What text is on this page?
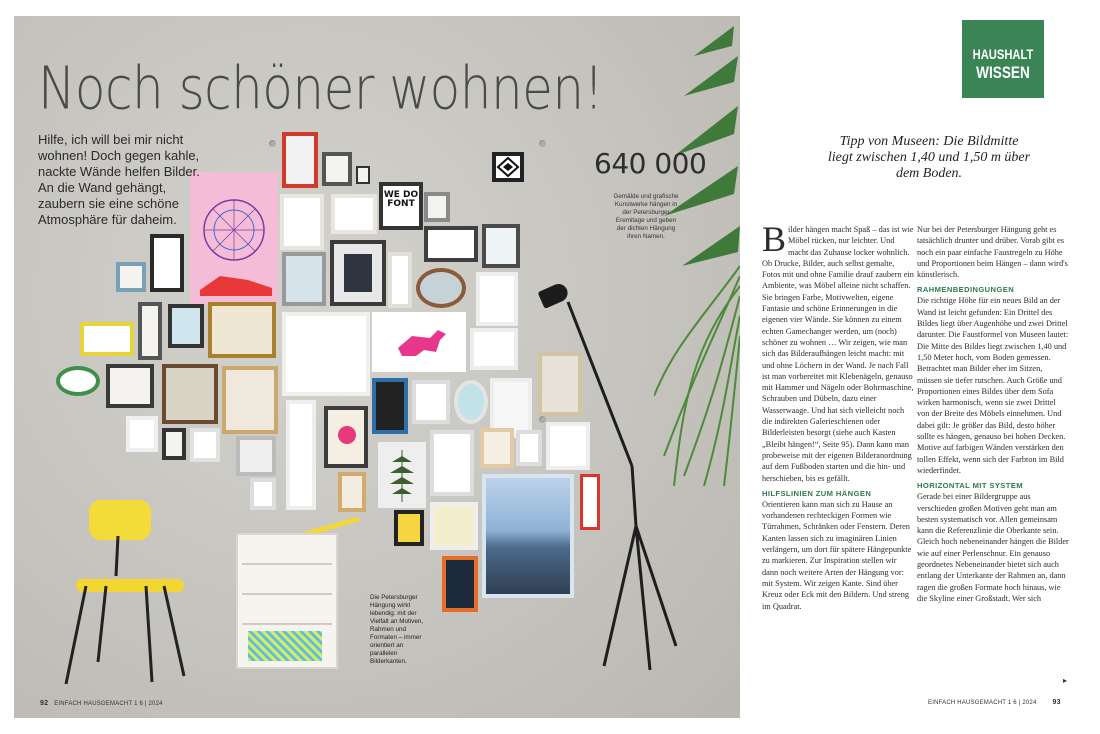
WE DO FONT
Noch schöner wohnen!
Hilfe, ich will bei mir nicht wohnen! Doch gegen kahle, nackte Wände helfen Bilder. An die Wand gehängt, zaubern sie eine schöne Atmosphäre für daheim.
640 000
Gemälde und grafische Kunstwerke hängen in der Petersburger Eremitage und geben der dichten Hängung ihren Namen.
Die Petersburger Hängung wirkt lebendig: mit der Vielfalt an Motiven, Rahmen und Formaten – immer orientiert an parallelen Bilderkanten.
92 EINFACH HAUSGEMACHT 1 6 | 2024
HAUSHALT
WISSEN
Tipp von Museen: Die Bildmitte liegt zwischen 1,40 und 1,50 m über dem Boden.

Bilder hängen macht Spaß – das ist wie Möbel rücken, nur leichter. Und macht das Zuhause locker wohnlich. Ob Drucke, Bilder, auch selbst gemalte, Fotos mit und ohne Familie drauf zaubern ein Ambiente, was Möbel alleine nicht schaffen. Sie bringen Farbe, Motivwelten, eigene Fantasie und schöne Erinnerungen in die eigenen vier Wände. Sie können zu einem echten Gamechanger werden, um (noch) schöner zu wohnen … Wir zeigen, wie man sich das Bilderaufhängen leicht macht: mit und ohne Löchern in der Wand. Je nach Fall ist man vorbereitet mit Klebenägeln, genauso mit Hammer und Nägeln oder Bohrmaschine, Schrauben und Dübeln, dazu einer Wasserwaage. Und hat sich vielleicht noch die indirekten Galerieschienen oder Bilderleisten besorgt (siehe auch Kasten „Bleibt hängen!“, Seite 95). Dann kann man probeweise mit der eigenen Bilderanordnung auf dem Fußboden starten und die hin- und herschieben, bis es gefällt.

HILFSLINIEN ZUM HÄNGEN

Orientieren kann man sich zu Hause an vorhandenen rechteckigen Formen wie Türrahmen, Schränken oder Fenstern. Deren Kanten lassen sich zu imaginären Linien verlängern, um dort für spätere Hängepunkte zu markieren. Zur Inspiration stellen wir dann noch weitere Arten der Hängung vor: mit System. Wir zeigen Kante. Sind über Kreuz oder Eck mit den Bildern. Und streng im Quadrat.

Nur bei der Petersburger Hängung geht es tatsächlich drunter und drüber. Vorab gibt es noch ein paar einfache Faustregeln zu Höhe und Proportionen beim Hängen – dann wird's künstlerisch.

RAHMENBEDINGUNGEN

Die richtige Höhe für ein neues Bild an der Wand ist leicht gefunden: Ein Drittel des Bildes liegt über Augenhöhe und zwei Drittel darunter. Die Faustformel von Museen lautet: Die Mitte des Bildes liegt zwischen 1,40 und 1,50 Meter hoch, vom Boden gemessen. Betrachtet man Bilder eher im Sitzen, müssen sie tiefer rutschen. Auch Größe und Proportionen eines Bildes über dem Sofa wirken harmonisch, wenn sie zwei Drittel von der Breite des Möbels einnehmen. Und dabei gilt: Je größer das Bild, desto höher sollte es hängen, genauso bei hohen Decken. Motive auf farbigen Wänden verstärken den tollen Effekt, wenn sich der Farbton im Bild wiederfindet.

HORIZONTAL MIT SYSTEM

Gerade bei einer Bildergruppe aus verschieden großen Motiven geht man am besten systematisch vor. Allen gemeinsam kann die Referenzlinie die Oberkante sein. Gleich hoch nebeneinander hängen die Bilder wie auf einer Perlenschnur. Ein genauso geordnetes Nebeneinander bietet sich auch entlang der Unterkante der Rahmen an, dann ragen die großen Formate hoch hinaus, wie die Skyline einer Großstadt. Wer sich

▸
EINFACH HAUSGEMACHT 1 6 | 2024 93
